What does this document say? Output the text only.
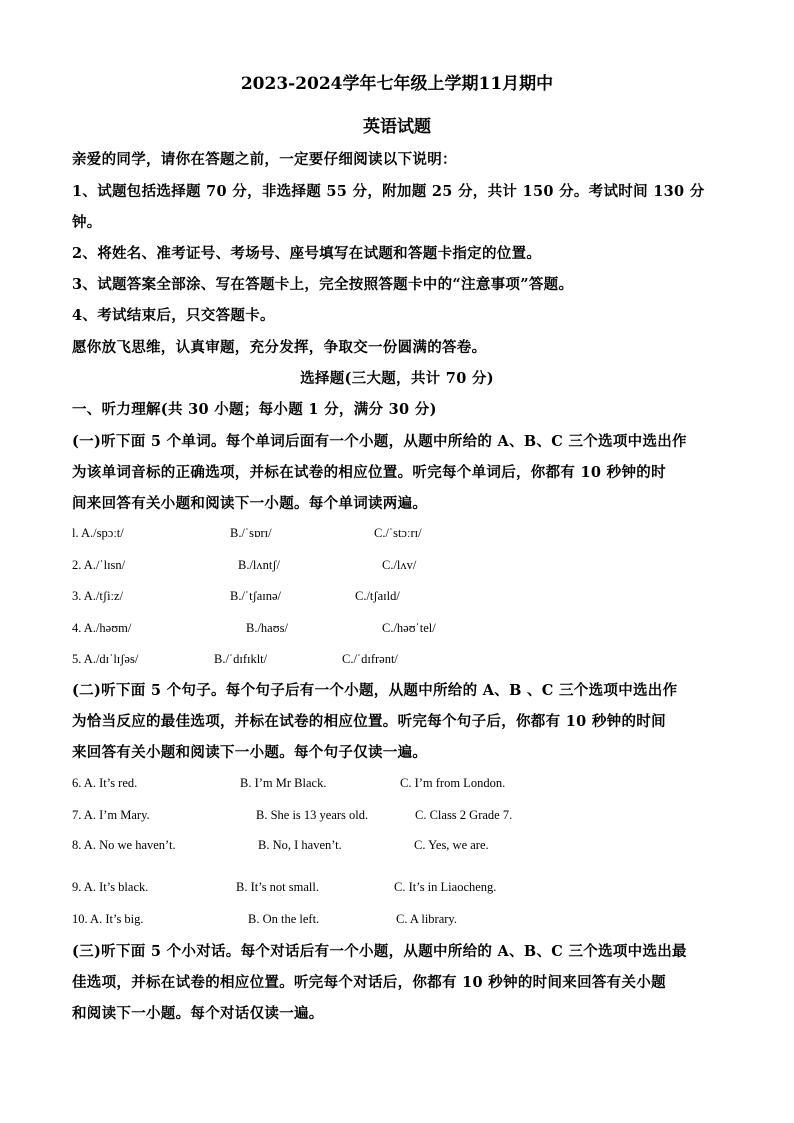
2023-2024学年七年级上学期11月期中
英语试题
亲爱的同学，请你在答题之前，一定要仔细阅读以下说明：
1、试题包括选择题 70 分，非选择题 55 分，附加题 25 分，共计 150 分。考试时间 130 分
钟。
2、将姓名、准考证号、考场号、座号填写在试题和答题卡指定的位置。
3、试题答案全部涂、写在答题卡上，完全按照答题卡中的“注意事项”答题。
4、考试结束后，只交答题卡。
愿你放飞思维，认真审题，充分发挥，争取交一份圆满的答卷。
选择题(三大题，共计 70 分)
一、听力理解(共 30 小题；每小题 1 分，满分 30 分)
(一)听下面 5 个单词。每个单词后面有一个小题，从题中所给的 A、B、C 三个选项中选出作
为该单词音标的正确选项，并标在试卷的相应位置。听完每个单词后，你都有 10 秒钟的时
间来回答有关小题和阅读下一小题。每个单词读两遍。
l. A./spɔːt/	B./ˈsɒrɪ/	C./ˈstɔːrɪ/
2. A./ˈlɪsn/	B./lʌntʃ/	C./lʌv/
3. A./tʃiːz/	B./ˈtʃaɪnə/	C./tʃaɪld/
4. A./həʊm/	B./haʊs/	C./həʊˈtel/
5. A./dɪˈlɪʃəs/	B./ˈdɪfɪklt/	C./ˈdɪfrənt/
(二)听下面 5 个句子。每个句子后有一个小题，从题中所给的 A、B 、C 三个选项中选出作
为恰当反应的最佳选项，并标在试卷的相应位置。听完每个句子后，你都有 10 秒钟的时间
来回答有关小题和阅读下一小题。每个句子仅读一遍。
6. A. It’s red.	B. I’m Mr Black.	C. I’m from London.
7. A. I’m Mary.	B. She is 13 years old.	C. Class 2 Grade 7.
8. A. No we haven’t.	B. No, I haven’t.	C. Yes, we are.
9. A. It’s black.	B. It’s not small.	C. It’s in Liaocheng.
10. A. It’s big.	B. On the left.	C. A library.
(三)听下面 5 个小对话。每个对话后有一个小题，从题中所给的 A、B、C 三个选项中选出最
佳选项，并标在试卷的相应位置。听完每个对话后，你都有 10 秒钟的时间来回答有关小题
和阅读下一小题。每个对话仅读一遍。
